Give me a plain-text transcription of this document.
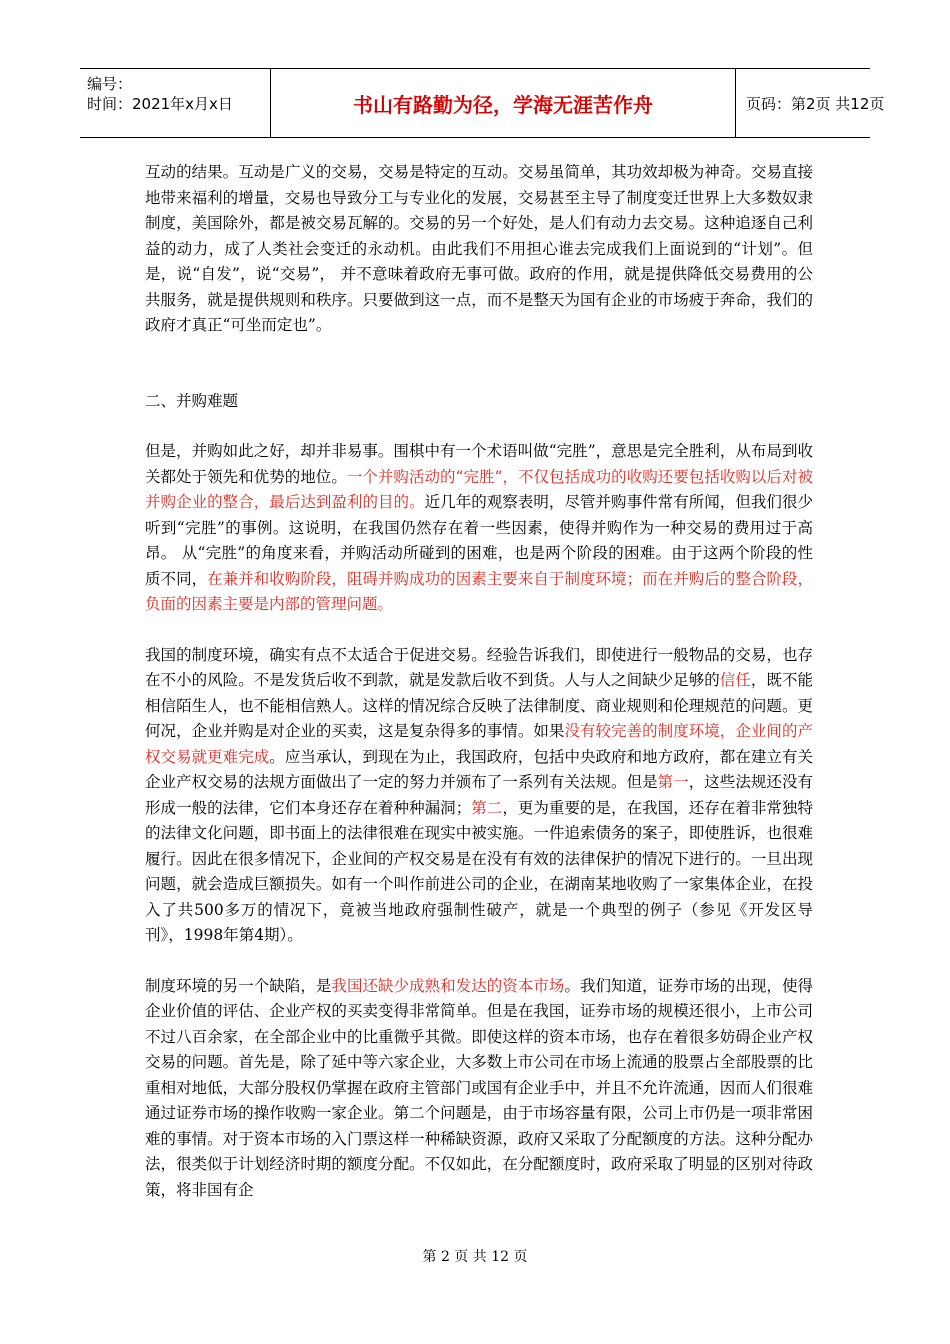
编号：
时间：2021年x月x日	书山有路勤为径，学海无涯苦作舟	页码：第2页 共12页

互动的结果。互动是广义的交易，交易是特定的互动。交易虽简单，其功效却极为神奇。交易直接地带来福利的增量，交易也导致分工与专业化的发展，交易甚至主导了制度变迁世界上大多数奴隶制度，美国除外，都是被交易瓦解的。交易的另一个好处，是人们有动力去交易。这种追逐自己利益的动力，成了人类社会变迁的永动机。由此我们不用担心谁去完成我们上面说到的“计划”。但是，说“自发”，说“交易”， 并不意味着政府无事可做。政府的作用，就是提供降低交易费用的公共服务，就是提供规则和秩序。只要做到这一点，而不是整天为国有企业的市场疲于奔命，我们的政府才真正“可坐而定也”。

二、并购难题

但是，并购如此之好，却并非易事。围棋中有一个术语叫做“完胜”，意思是完全胜利，从布局到收关都处于领先和优势的地位。一个并购活动的“完胜”，不仅包括成功的收购还要包括收购以后对被并购企业的整合，最后达到盈利的目的。近几年的观察表明，尽管并购事件常有所闻，但我们很少听到“完胜”的事例。这说明，在我国仍然存在着一些因素，使得并购作为一种交易的费用过于高昂。 从“完胜”的角度来看，并购活动所碰到的困难，也是两个阶段的困难。由于这两个阶段的性质不同，在兼并和收购阶段，阻碍并购成功的因素主要来自于制度环境；而在并购后的整合阶段，负面的因素主要是内部的管理问题。

我国的制度环境，确实有点不太适合于促进交易。经验告诉我们，即使进行一般物品的交易，也存在不小的风险。不是发货后收不到款，就是发款后收不到货。人与人之间缺少足够的信任，既不能相信陌生人，也不能相信熟人。这样的情况综合反映了法律制度、商业规则和伦理规范的问题。更何况，企业并购是对企业的买卖，这是复杂得多的事情。如果没有较完善的制度环境，企业间的产权交易就更难完成。应当承认，到现在为止，我国政府，包括中央政府和地方政府，都在建立有关企业产权交易的法规方面做出了一定的努力并颁布了一系列有关法规。但是第一，这些法规还没有形成一般的法律，它们本身还存在着种种漏洞；第二，更为重要的是，在我国，还存在着非常独特的法律文化问题，即书面上的法律很难在现实中被实施。一件追索债务的案子，即使胜诉，也很难履行。因此在很多情况下，企业间的产权交易是在没有有效的法律保护的情况下进行的。一旦出现问题，就会造成巨额损失。如有一个叫作前进公司的企业，在湖南某地收购了一家集体企业，在投入了共500多万的情况下，竟被当地政府强制性破产，就是一个典型的例子（参见《开发区导刊》，1998年第4期）。

制度环境的另一个缺陷，是我国还缺少成熟和发达的资本市场。我们知道，证券市场的出现，使得企业价值的评估、企业产权的买卖变得非常简单。但是在我国，证券市场的规模还很小，上市公司不过八百余家，在全部企业中的比重微乎其微。即使这样的资本市场，也存在着很多妨碍企业产权交易的问题。首先是，除了延中等六家企业，大多数上市公司在市场上流通的股票占全部股票的比重相对地低，大部分股权仍掌握在政府主管部门或国有企业手中，并且不允许流通，因而人们很难通过证券市场的操作收购一家企业。第二个问题是，由于市场容量有限，公司上市仍是一项非常困难的事情。对于资本市场的入门票这样一种稀缺资源，政府又采取了分配额度的方法。这种分配办法，很类似于计划经济时期的额度分配。不仅如此，在分配额度时，政府采取了明显的区别对待政策，将非国有企

第 2 页 共 12 页
